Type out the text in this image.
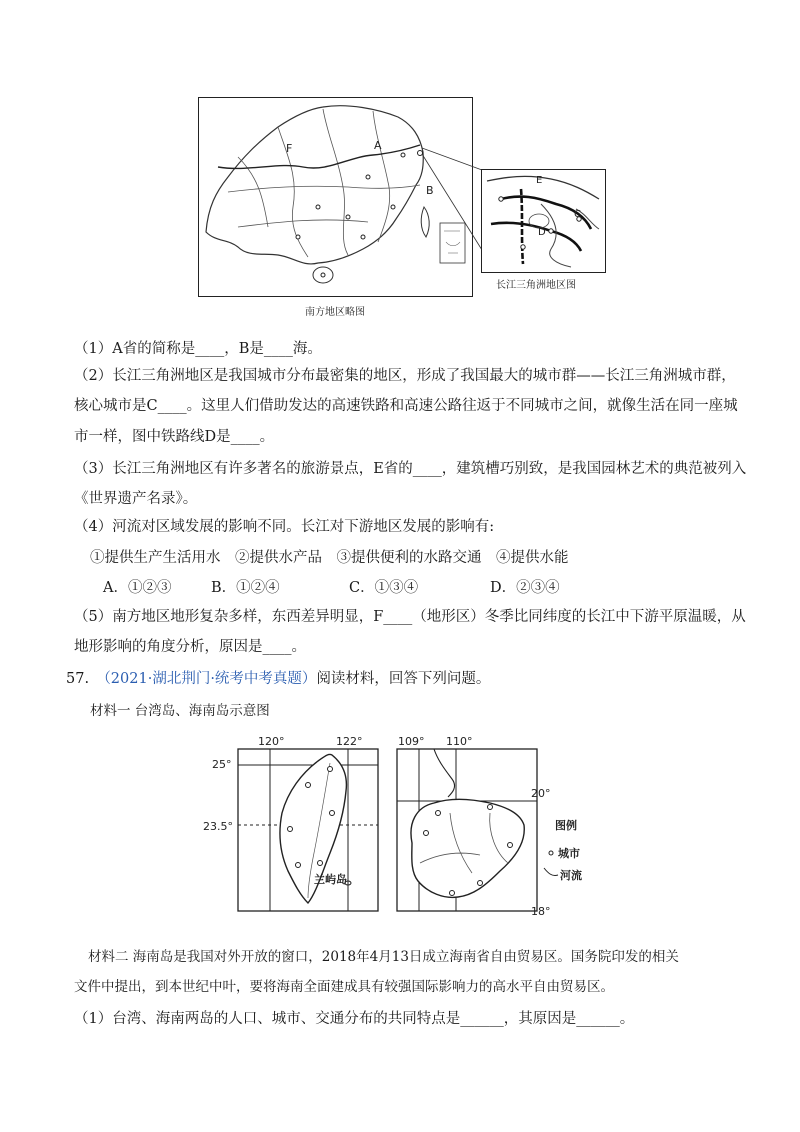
A
B
F
E
C
D
长江三角洲地区图
南方地区略图
（1）A省的简称是____，B是____海。
（2）长江三角洲地区是我国城市分布最密集的地区，形成了我国最大的城市群——长江三角洲城市群，
核心城市是C____。这里人们借助发达的高速铁路和高速公路往返于不同城市之间，就像生活在同一座城
市一样，图中铁路线D是____。
（3）长江三角洲地区有许多著名的旅游景点，E省的____，建筑槽巧别致，是我国园林艺术的典范被列入
《世界遗产名录》。
（4）河流对区域发展的影响不同。长江对下游地区发展的影响有:
①提供生产生活用水　②提供水产品　③提供便利的水路交通　④提供水能
A．①②③	B．①②④	C．①③④	D．②③④
（5）南方地区地形复杂多样，东西差异明显，F____（地形区）冬季比同纬度的长江中下游平原温暖，从
地形影响的角度分析，原因是____。
57.  （2021·湖北荆门·统考中考真题）阅读材料，回答下列问题。
材料一 台湾岛、海南岛示意图
120°	122°
25°
23.5°
兰屿岛
109° 110°
20°
18°
图例
城市
河流
材料二 海南岛是我国对外开放的窗口，2018年4月13日成立海南省自由贸易区。国务院印发的相关
文件中提出，到本世纪中叶，要将海南全面建成具有较强国际影响力的高水平自由贸易区。
（1）台湾、海南两岛的人口、城市、交通分布的共同特点是______，其原因是______。
